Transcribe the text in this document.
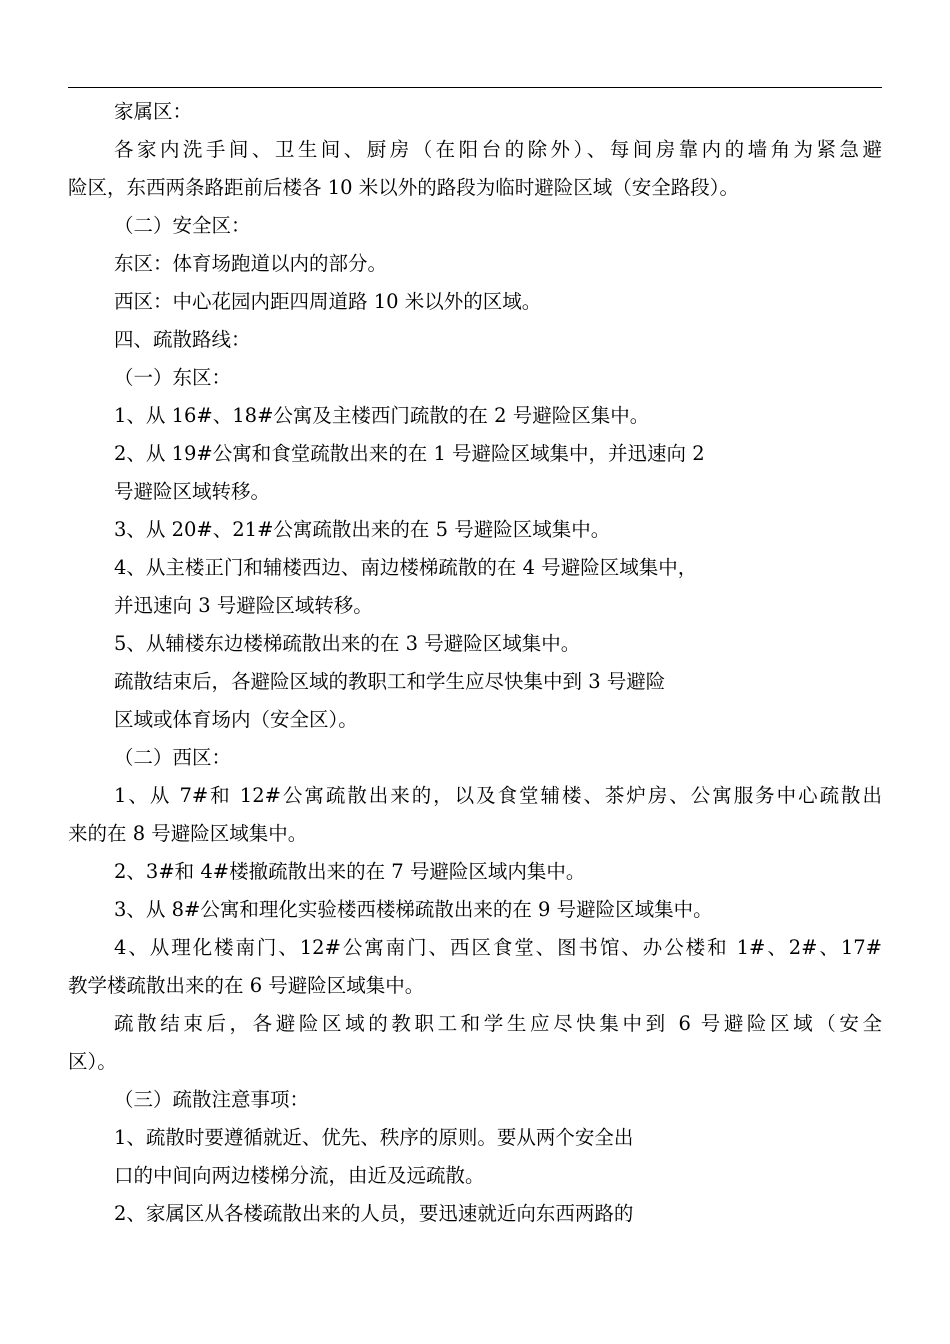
家属区：
各家内洗手间、卫生间、厨房（在阳台的除外）、每间房靠内的墙角为紧急避
险区，东西两条路距前后楼各 10 米以外的路段为临时避险区域（安全路段）。
（二）安全区：
东区：体育场跑道以内的部分。
西区：中心花园内距四周道路 10 米以外的区域。
四、疏散路线：
（一）东区：
1、从 16#、18#公寓及主楼西门疏散的在 2 号避险区集中。
2、从 19#公寓和食堂疏散出来的在 1 号避险区域集中，并迅速向 2
号避险区域转移。
3、从 20#、21#公寓疏散出来的在 5 号避险区域集中。
4、从主楼正门和辅楼西边、南边楼梯疏散的在 4 号避险区域集中，
并迅速向 3 号避险区域转移。
5、从辅楼东边楼梯疏散出来的在 3 号避险区域集中。
疏散结束后，各避险区域的教职工和学生应尽快集中到 3 号避险
区域或体育场内（安全区）。
（二）西区：
1、从 7#和 12#公寓疏散出来的，以及食堂辅楼、茶炉房、公寓服务中心疏散出
来的在 8 号避险区域集中。
2、3#和 4#楼撤疏散出来的在 7 号避险区域内集中。
3、从 8#公寓和理化实验楼西楼梯疏散出来的在 9 号避险区域集中。
4、从理化楼南门、12#公寓南门、西区食堂、图书馆、办公楼和 1#、2#、17#
教学楼疏散出来的在 6 号避险区域集中。
疏散结束后，各避险区域的教职工和学生应尽快集中到 6 号避险区域（安全
区）。
（三）疏散注意事项：
1、疏散时要遵循就近、优先、秩序的原则。要从两个安全出
口的中间向两边楼梯分流，由近及远疏散。
2、家属区从各楼疏散出来的人员，要迅速就近向东西两路的
